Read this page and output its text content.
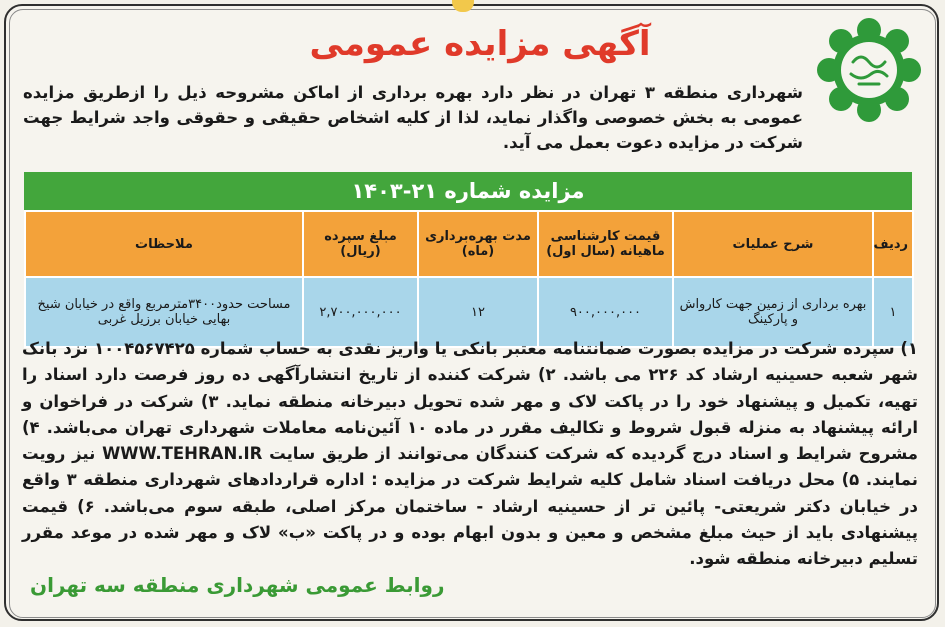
آگهی مزایده عمومی
شهرداری منطقه ۳ تهران در نظر دارد بهره برداری از اماکن مشروحه ذیل را ازطریق مزایده عمومی به بخش خصوصی واگذار نماید، لذا از کلیه اشخاص حقیقی و حقوقی واجد شرایط جهت شرکت در مزایده دعوت بعمل می آید.
مزایده شماره ۲۱-۱۴۰۳
ردیف	شرح عملیات	قیمت کارشناسی ماهیانه (سال اول)	مدت بهره‌برداری (ماه)	مبلغ سپرده (ریال)	ملاحظات
۱	بهره برداری از زمین جهت کارواش و پارکینگ	۹۰۰,۰۰۰,۰۰۰	۱۲	۲,۷۰۰,۰۰۰,۰۰۰	مساحت حدود۳۴۰۰مترمربع واقع در خیابان شیخ بهایی خیابان برزیل غربی
۱) سپرده شرکت در مزایده بصورت ضمانتنامه معتبر بانکی یا واریز نقدی به حساب شماره ۱۰۰۴۵۶۷۴۲۵ نزد بانک شهر شعبه حسینیه ارشاد کد ۲۲۶ می باشد. ۲) شرکت کننده از تاریخ انتشارآگهی ده روز فرصت دارد اسناد را تهیه، تکمیل و پیشنهاد خود را در پاکت لاک و مهر شده تحویل دبیرخانه منطقه نماید. ۳) شرکت در فراخوان و ارائه پیشنهاد به منزله قبول شروط و تکالیف مقرر در ماده ۱۰ آئین‌نامه معاملات شهرداری تهران می‌باشد. ۴) مشروح شرایط و اسناد درج گردیده که شرکت کنندگان می‌توانند از طریق سایت WWW.TEHRAN.IR نیز رویت نمایند. ۵) محل دریافت اسناد شامل کلیه شرایط شرکت در مزایده : اداره قراردادهای شهرداری منطقه ۳ واقع در خیابان دکتر شریعتی- پائین تر از حسینیه ارشاد - ساختمان مرکز اصلی، طبقه سوم می‌باشد. ۶) قیمت پیشنهادی باید از حیث مبلغ مشخص و معین و بدون ابهام بوده و در پاکت «ب» لاک و مهر شده در موعد مقرر تسلیم دبیرخانه منطقه شود.
روابط عمومی شهرداری منطقه سه تهران
